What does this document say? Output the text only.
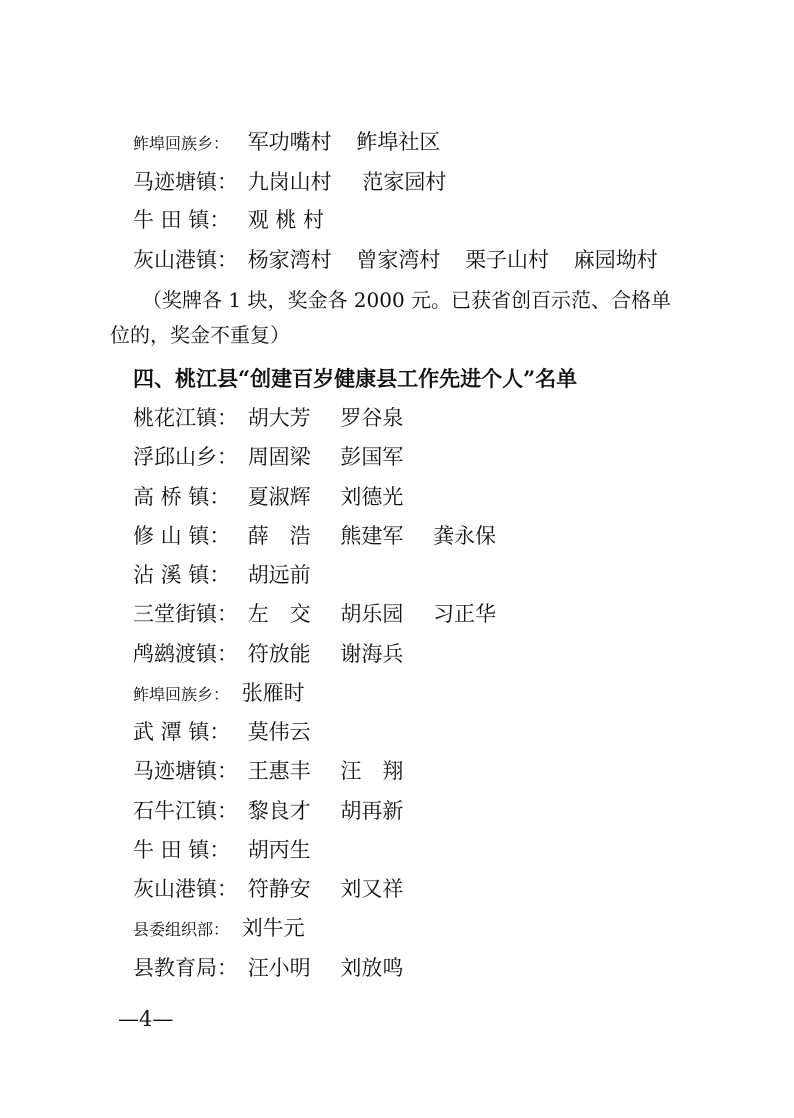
鲊埠回族乡： 军功嘴村 鲊埠社区
马迹塘镇： 九岗山村 范家园村
牛 田 镇： 观 桃 村
灰山港镇： 杨家湾村 曾家湾村 栗子山村 麻园坳村
（奖牌各 1 块，奖金各 2000 元。已获省创百示范、合格单
位的，奖金不重复）
四、桃江县“创建百岁健康县工作先进个人”名单
桃花江镇： 胡大芳 罗谷泉
浮邱山乡： 周固梁 彭国军
高 桥 镇： 夏淑辉 刘德光
修 山 镇： 薛　浩 熊建军 龚永保
沾 溪 镇： 胡远前
三堂街镇： 左　交 胡乐园 习正华
鸬鹚渡镇： 符放能 谢海兵
鲊埠回族乡： 张雁时
武 潭 镇： 莫伟云
马迹塘镇： 王惠丰 汪　翔
石牛江镇： 黎良才 胡再新
牛 田 镇： 胡丙生
灰山港镇： 符静安 刘又祥
县委组织部： 刘牛元
县教育局： 汪小明 刘放鸣
—4—
